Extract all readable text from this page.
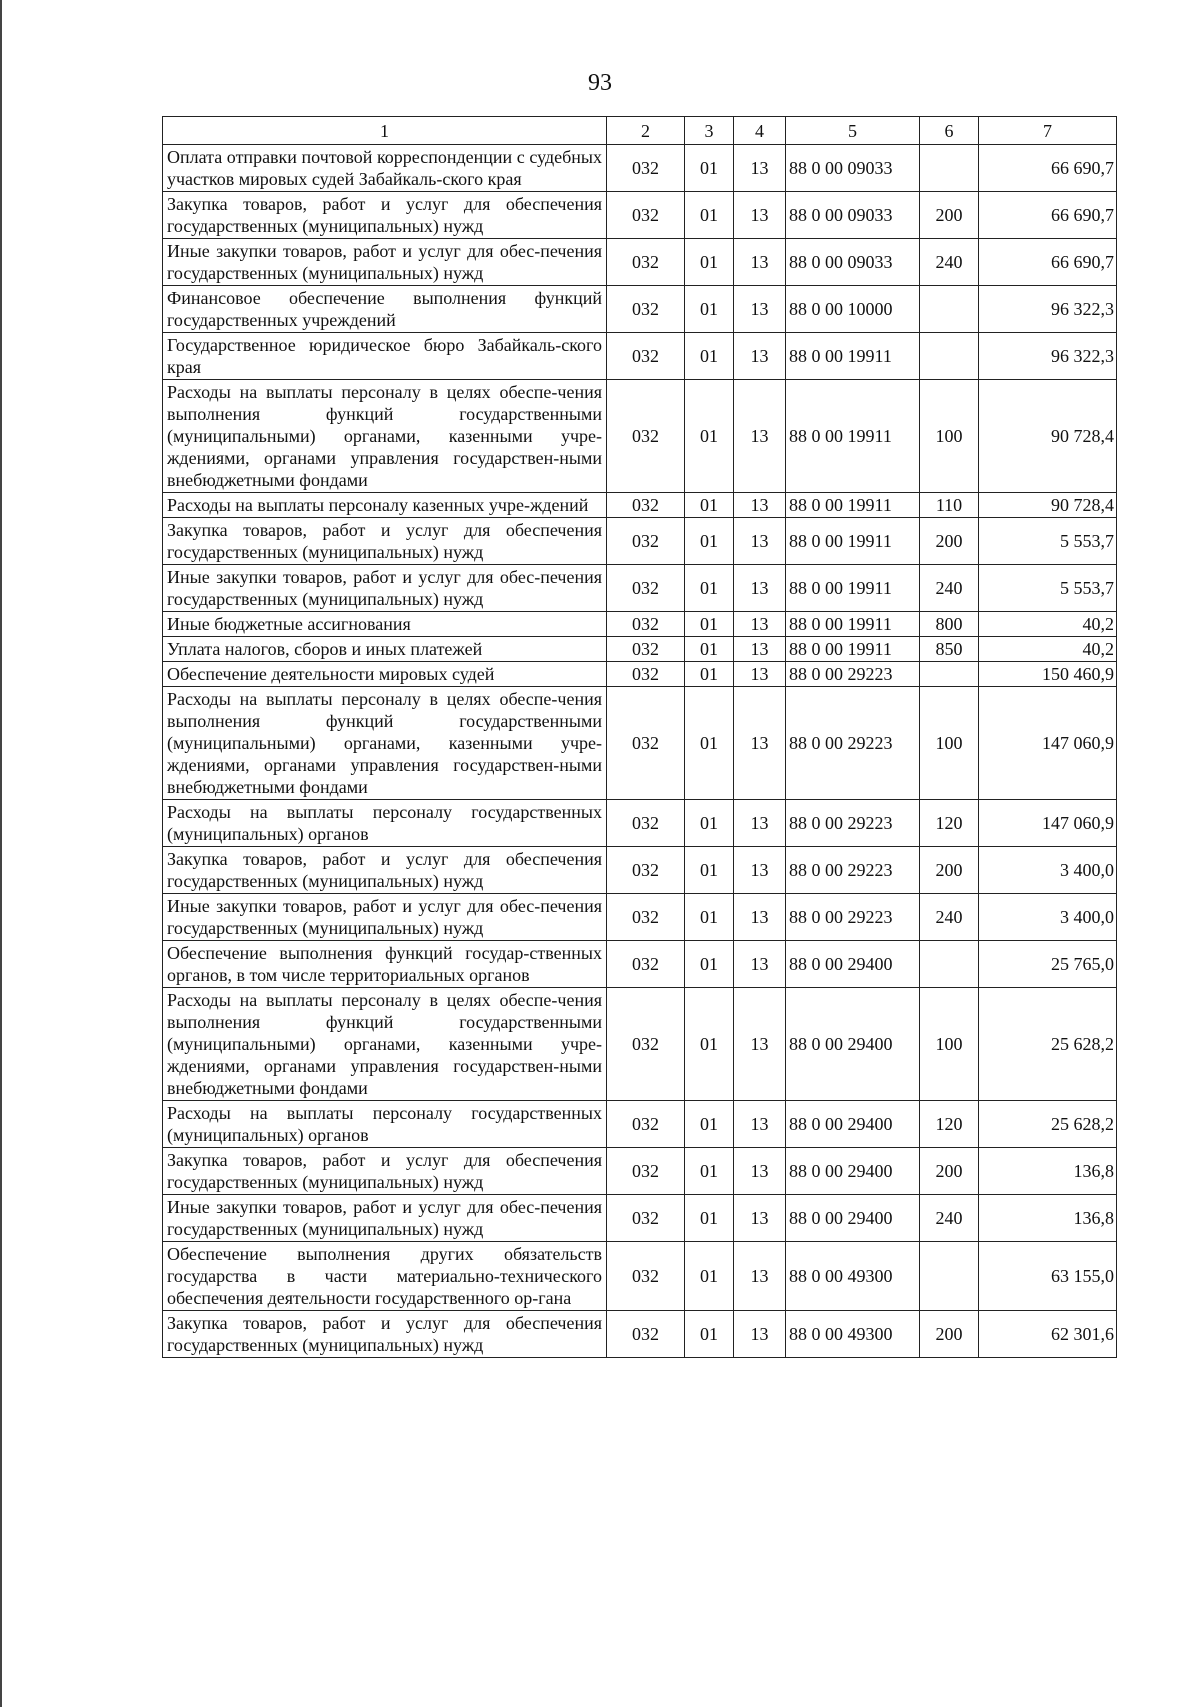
93
1	2	3	4	5	6	7
Оплата отправки почтовой корреспонденции с судебных участков мировых судей Забайкаль-ского края	032	01	13	88 0 00 09033		66 690,7
Закупка товаров, работ и услуг для обеспечения государственных (муниципальных) нужд	032	01	13	88 0 00 09033	200	66 690,7
Иные закупки товаров, работ и услуг для обес-печения государственных (муниципальных) нужд	032	01	13	88 0 00 09033	240	66 690,7
Финансовое обеспечение выполнения функций государственных учреждений	032	01	13	88 0 00 10000		96 322,3
Государственное юридическое бюро Забайкаль-ского края	032	01	13	88 0 00 19911		96 322,3
Расходы на выплаты персоналу в целях обеспе-чения выполнения функций государственными (муниципальными) органами, казенными учре-ждениями, органами управления государствен-ными внебюджетными фондами	032	01	13	88 0 00 19911	100	90 728,4
Расходы на выплаты персоналу казенных учре-ждений	032	01	13	88 0 00 19911	110	90 728,4
Закупка товаров, работ и услуг для обеспечения государственных (муниципальных) нужд	032	01	13	88 0 00 19911	200	5 553,7
Иные закупки товаров, работ и услуг для обес-печения государственных (муниципальных) нужд	032	01	13	88 0 00 19911	240	5 553,7
Иные бюджетные ассигнования	032	01	13	88 0 00 19911	800	40,2
Уплата налогов, сборов и иных платежей	032	01	13	88 0 00 19911	850	40,2
Обеспечение деятельности мировых судей	032	01	13	88 0 00 29223		150 460,9
Расходы на выплаты персоналу в целях обеспе-чения выполнения функций государственными (муниципальными) органами, казенными учре-ждениями, органами управления государствен-ными внебюджетными фондами	032	01	13	88 0 00 29223	100	147 060,9
Расходы на выплаты персоналу государственных (муниципальных) органов	032	01	13	88 0 00 29223	120	147 060,9
Закупка товаров, работ и услуг для обеспечения государственных (муниципальных) нужд	032	01	13	88 0 00 29223	200	3 400,0
Иные закупки товаров, работ и услуг для обес-печения государственных (муниципальных) нужд	032	01	13	88 0 00 29223	240	3 400,0
Обеспечение выполнения функций государ-ственных органов, в том числе территориальных органов	032	01	13	88 0 00 29400		25 765,0
Расходы на выплаты персоналу в целях обеспе-чения выполнения функций государственными (муниципальными) органами, казенными учре-ждениями, органами управления государствен-ными внебюджетными фондами	032	01	13	88 0 00 29400	100	25 628,2
Расходы на выплаты персоналу государственных (муниципальных) органов	032	01	13	88 0 00 29400	120	25 628,2
Закупка товаров, работ и услуг для обеспечения государственных (муниципальных) нужд	032	01	13	88 0 00 29400	200	136,8
Иные закупки товаров, работ и услуг для обес-печения государственных (муниципальных) нужд	032	01	13	88 0 00 29400	240	136,8
Обеспечение выполнения других обязательств государства в части материально-технического обеспечения деятельности государственного ор-гана	032	01	13	88 0 00 49300		63 155,0
Закупка товаров, работ и услуг для обеспечения государственных (муниципальных) нужд	032	01	13	88 0 00 49300	200	62 301,6
